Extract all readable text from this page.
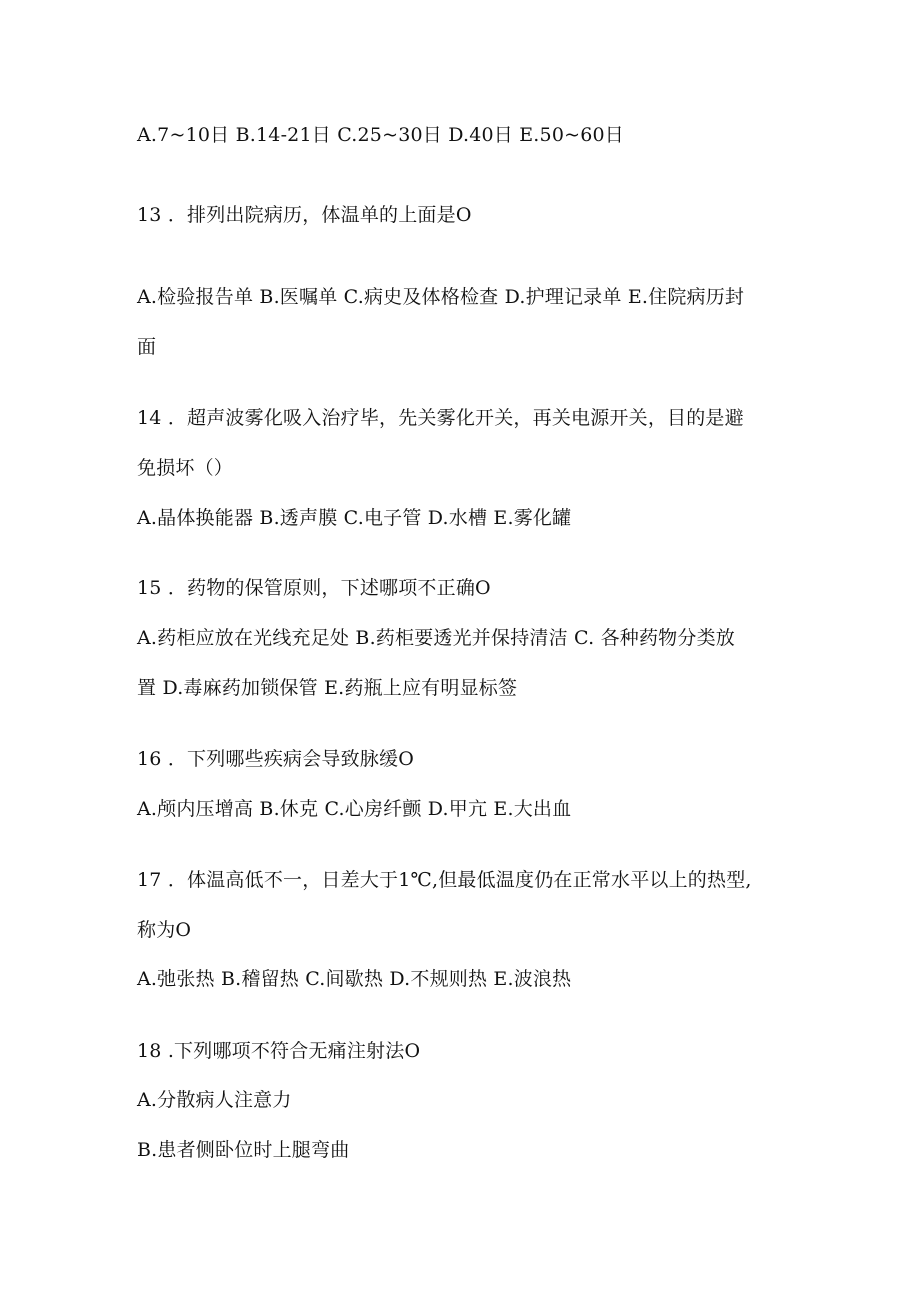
A.7~10日 B.14-21日 C.25~30日 D.40日 E.50~60日
13 ．排列出院病历，体温单的上面是O
A.检验报告单 B.医嘱单 C.病史及体格检查 D.护理记录单 E.住院病历封
面
14 ．超声波雾化吸入治疗毕，先关雾化开关，再关电源开关，目的是避
免损坏（）
A.晶体换能器 B.透声膜 C.电子管 D.水槽 E.雾化罐
15 ．药物的保管原则，下述哪项不正确O
A.药柜应放在光线充足处 B.药柜要透光并保持清洁 C. 各种药物分类放
置 D.毒麻药加锁保管 E.药瓶上应有明显标签
16 ．下列哪些疾病会导致脉缓O
A.颅内压增高 B.休克 C.心房纤颤 D.甲亢 E.大出血
17 ．体温高低不一，日差大于1℃,但最低温度仍在正常水平以上的热型,
称为O
A.弛张热 B.稽留热 C.间歇热 D.不规则热 E.波浪热
18 .下列哪项不符合无痛注射法O
A.分散病人注意力
B.患者侧卧位时上腿弯曲
